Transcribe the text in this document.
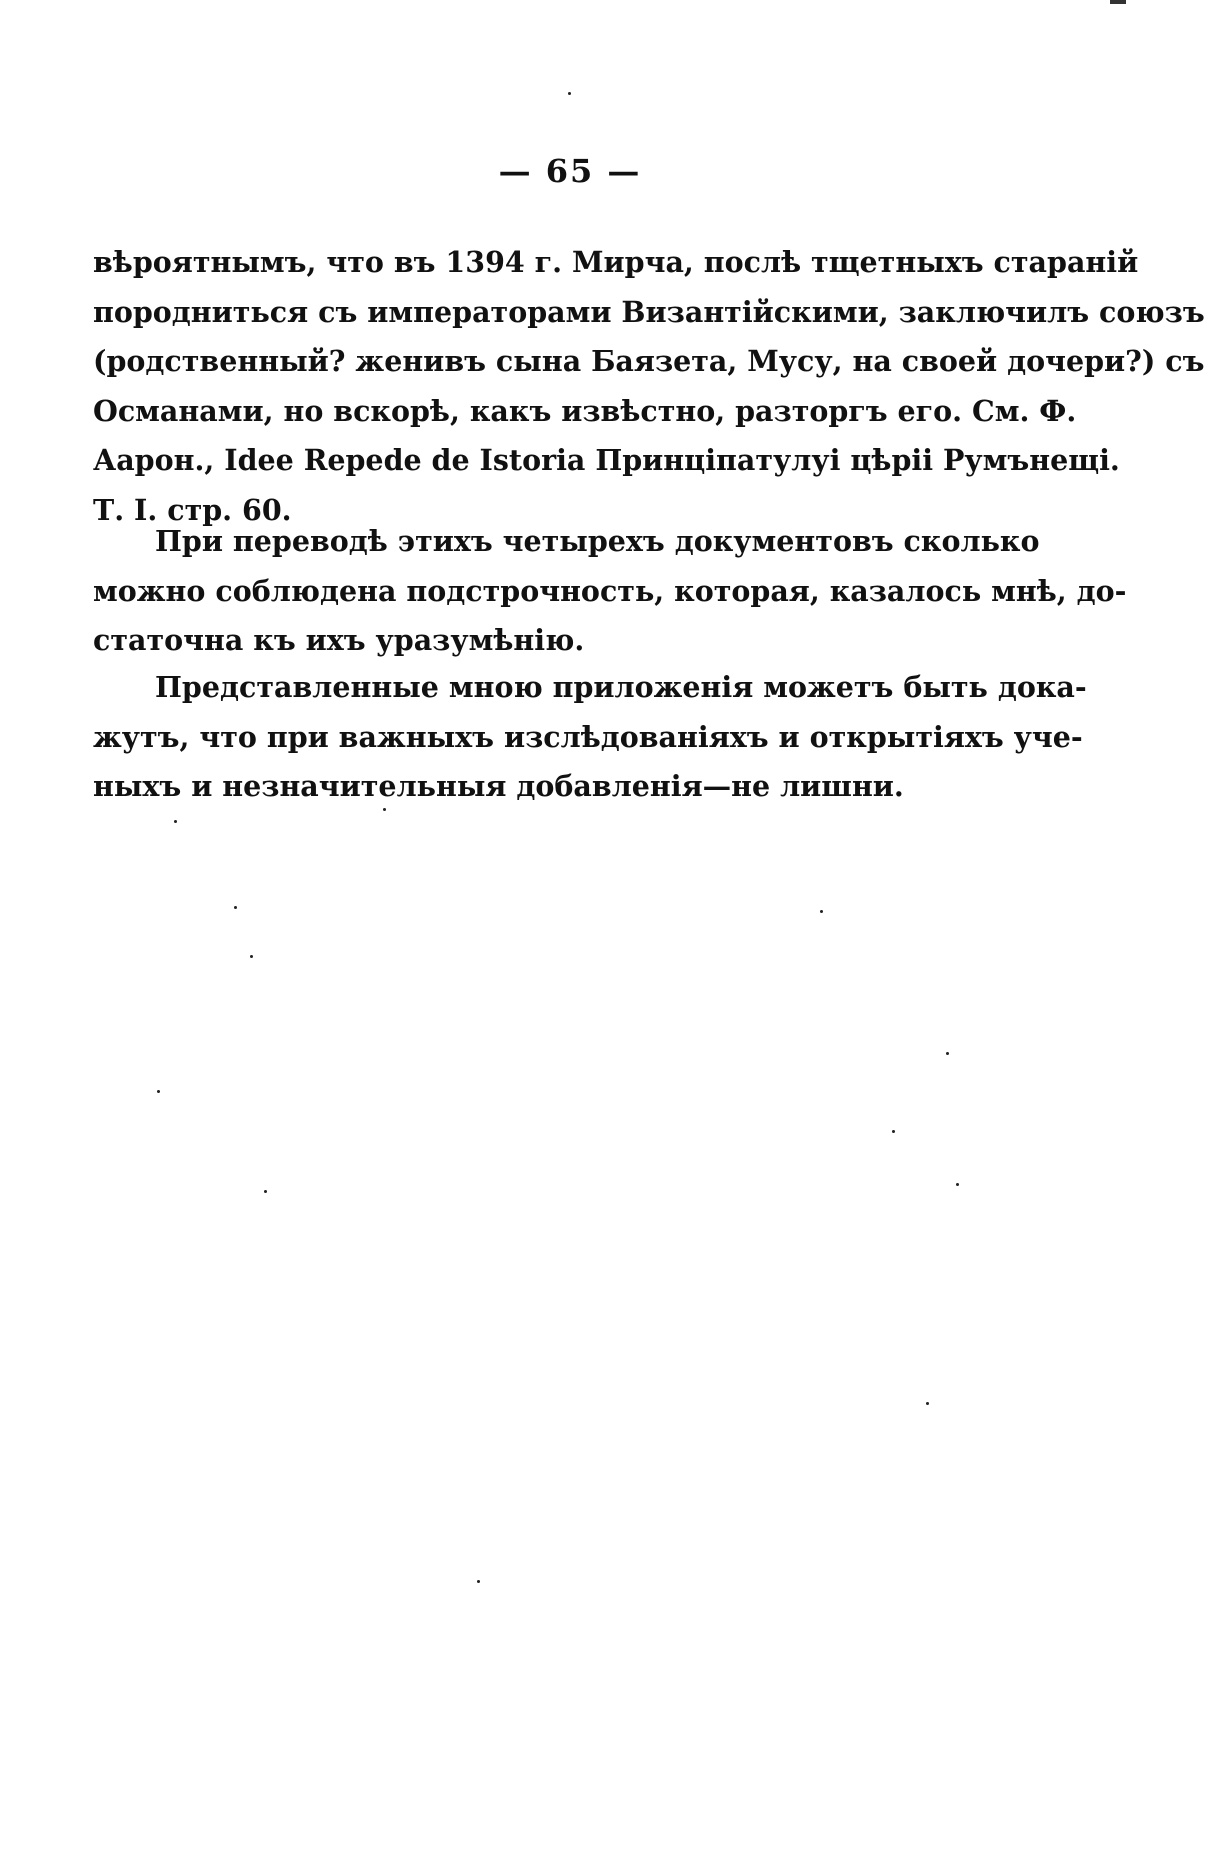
— 65 —
вѣроятнымъ, что въ 1394 г. Мирча, послѣ тщетныхъ стараній
породниться съ императорами Византійскими, заключилъ союзъ
(родственный? женивъ сына Баязета, Мусу, на своей дочери?) съ
Османами, но вскорѣ, какъ извѣстно, разторгъ его. См. Ф.
Аарон., Idee Repede de Istoria Принціпатулуі цѣріі Румънещі.
Т. I. стр. 60.
При переводѣ этихъ четырехъ документовъ сколько
можно соблюдена подстрочность, которая, казалось мнѣ, до-
статочна къ ихъ уразумѣнію.
Представленные мною приложенія можетъ быть дока-
жутъ, что при важныхъ изслѣдованіяхъ и открытіяхъ уче-
ныхъ и незначительныя добавленія—не лишни.
